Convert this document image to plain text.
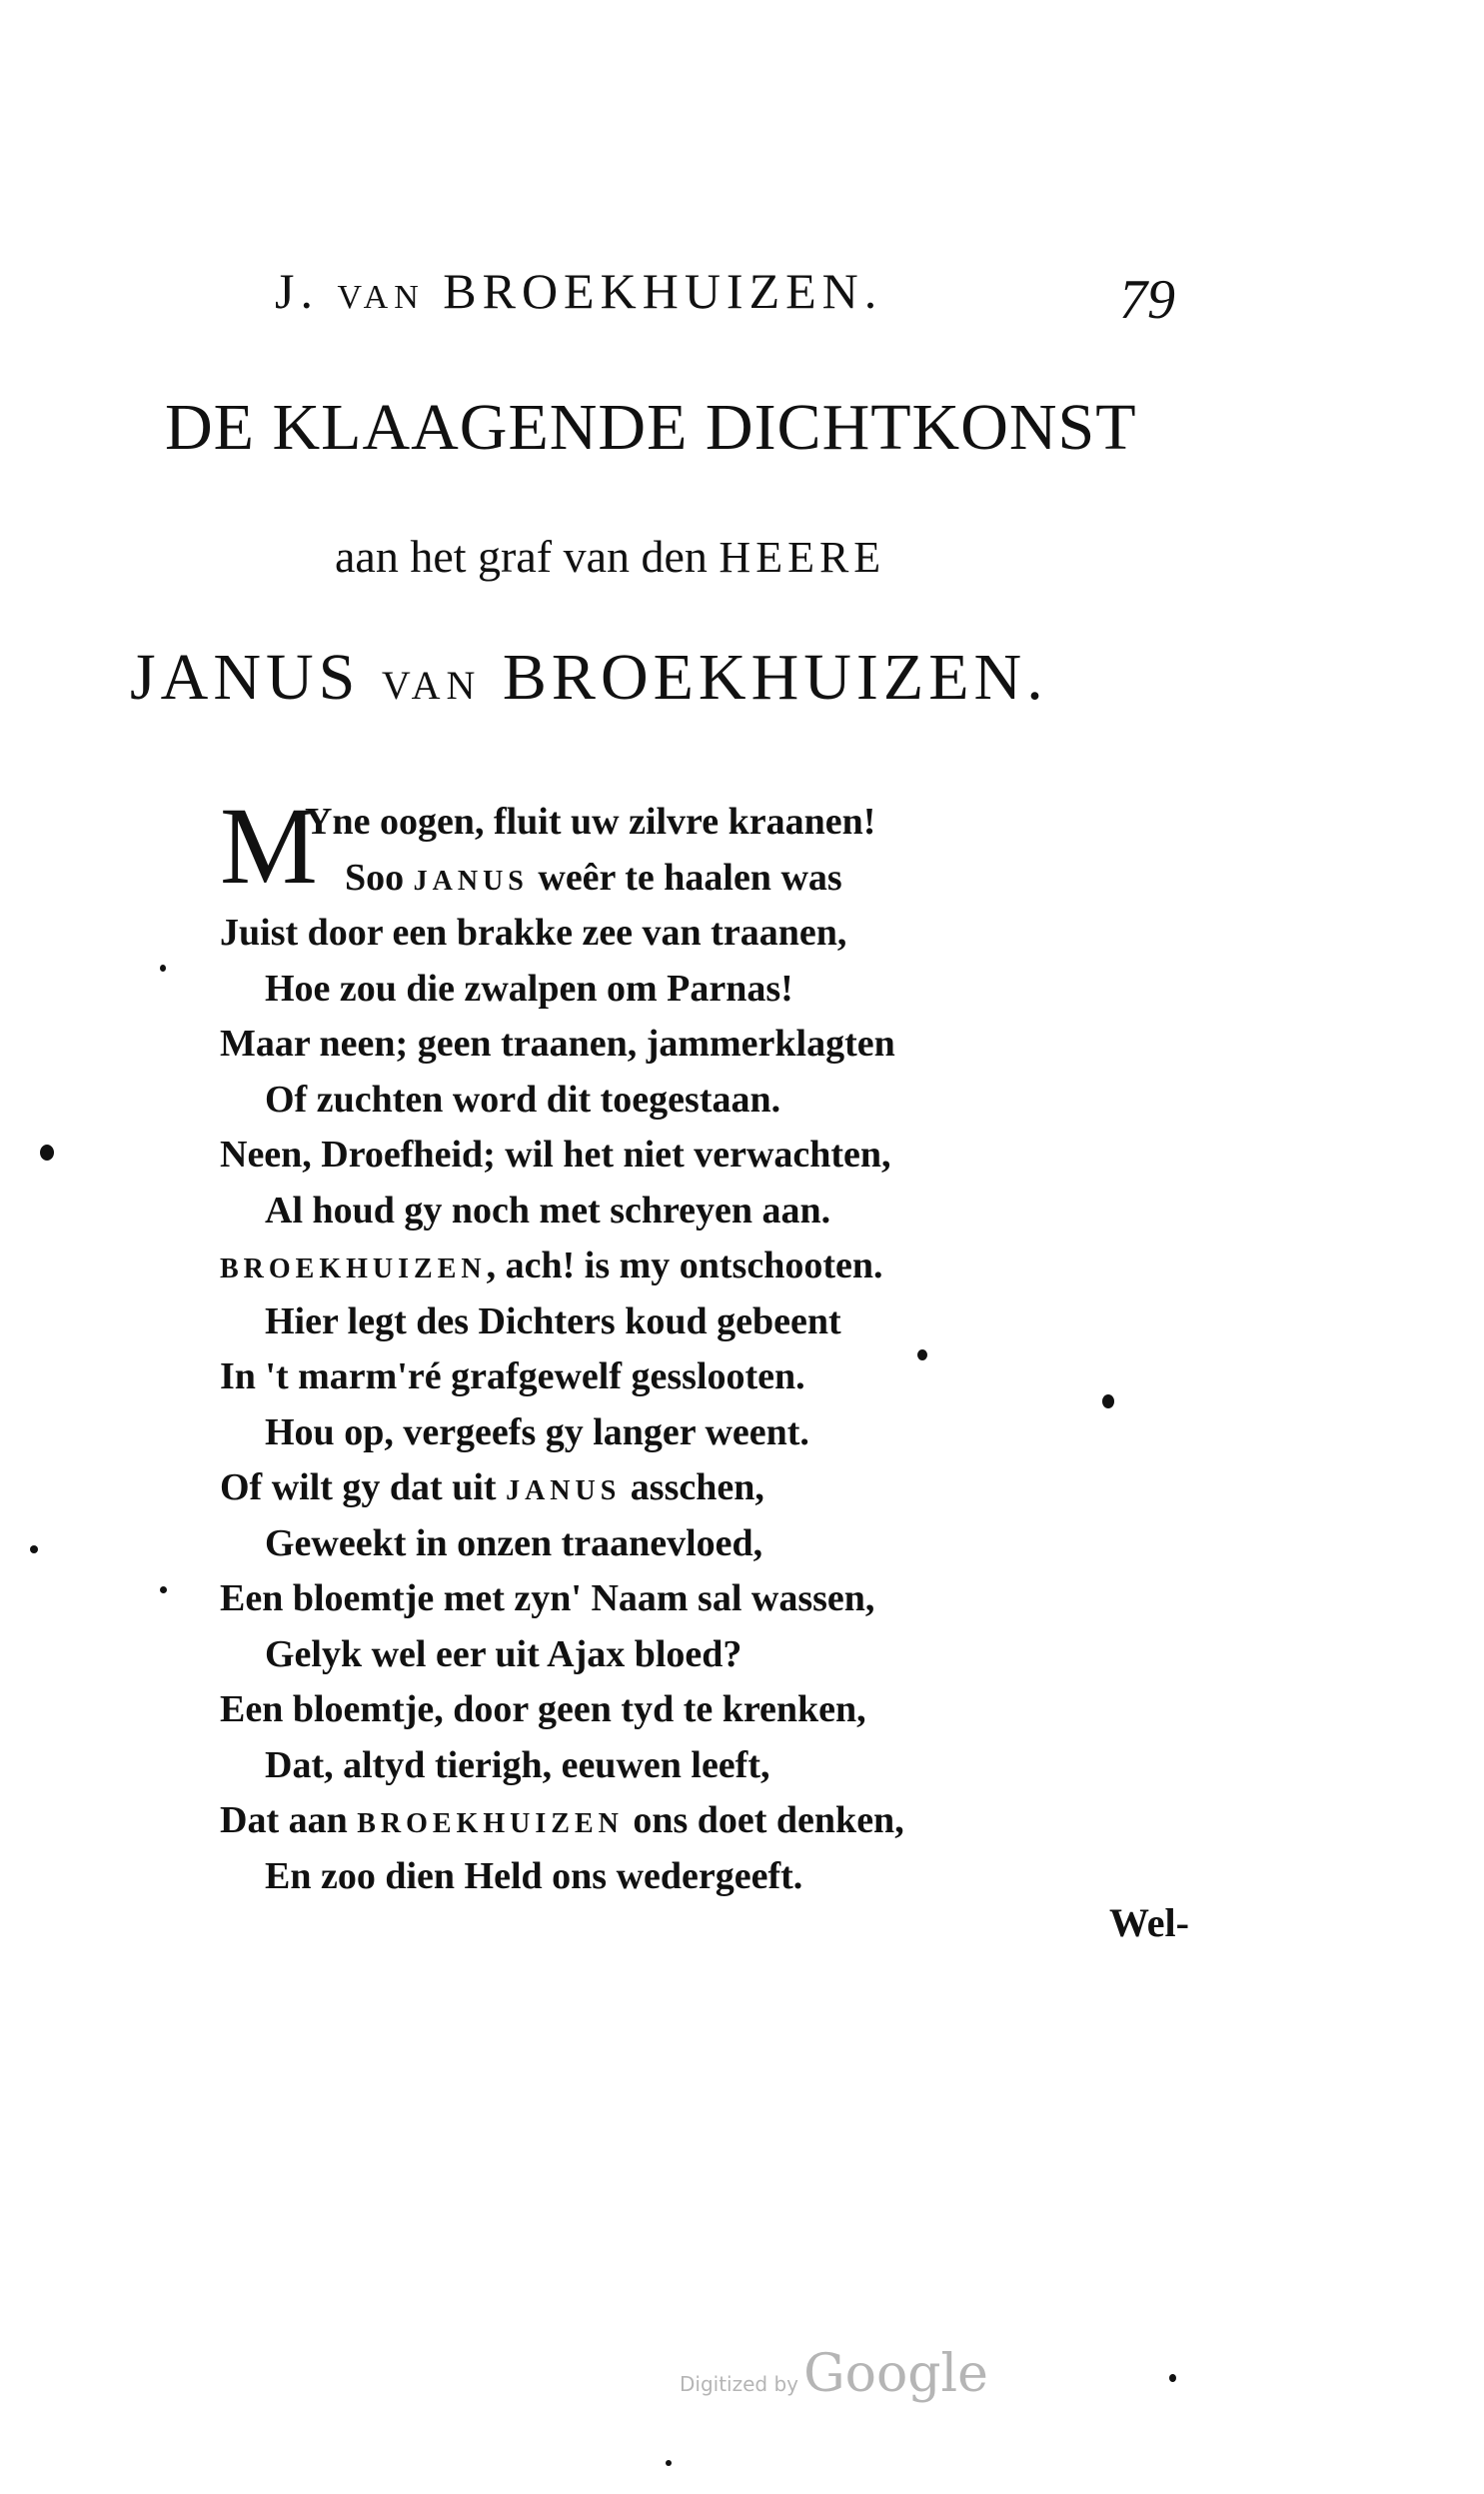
J. VAN BROEKHUIZEN.	79
DE KLAAGENDE DICHTKONST
aan het graf van den HEERE
JANUS VAN BROEKHUIZEN.
M
Yne oogen, fluit uw zilvre kraanen!
Soo JANUS weêr te haalen was
Juist door een brakke zee van traanen,
Hoe zou die zwalpen om Parnas!
Maar neen; geen traanen, jammerklagten
Of zuchten word dit toegestaan.
Neen, Droefheid; wil het niet verwachten,
Al houd gy noch met schreyen aan.
BROEKHUIZEN, ach! is my ontschooten.
Hier legt des Dichters koud gebeent
In 't marm'ré grafgewelf gesslooten.
Hou op, vergeefs gy langer weent.
Of wilt gy dat uit JANUS asschen,
Geweekt in onzen traanevloed,
Een bloemtje met zyn' Naam sal wassen,
Gelyk wel eer uit Ajax bloed?
Een bloemtje, door geen tyd te krenken,
Dat, altyd tierigh, eeuwen leeft,
Dat aan BROEKHUIZEN ons doet denken,
En zoo dien Held ons wedergeeft.
Wel-
Digitized by Google
